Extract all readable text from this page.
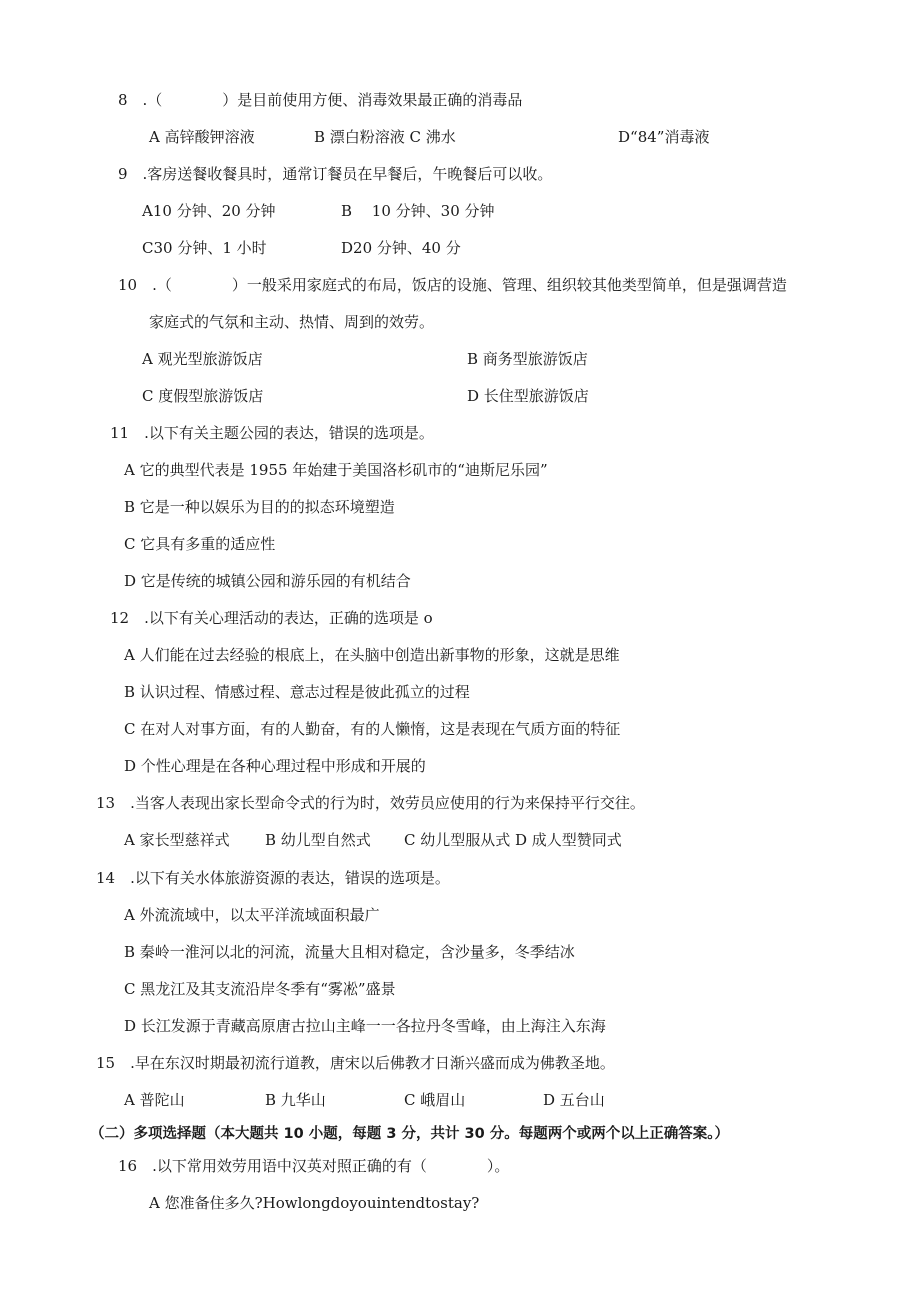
8　.（　　　　）是目前使用方便、消毒效果最正确的消毒品
A 高锌酸钾溶液	B 漂白粉溶液 C 沸水	D“84”消毒液
9　.客房送餐收餐具时，通常订餐员在早餐后，午晚餐后可以收。
A10 分钟、20 分钟	B　 10 分钟、30 分钟
C30 分钟、1 小时	D20 分钟、40 分
10　.（　　　　）一般采用家庭式的布局，饭店的设施、管理、组织较其他类型简单，但是强调营造
家庭式的气氛和主动、热情、周到的效劳。
A 观光型旅游饭店	B 商务型旅游饭店
C 度假型旅游饭店	D 长住型旅游饭店
11　.以下有关主题公园的表达，错误的选项是。
A 它的典型代表是 1955 年始建于美国洛杉矶市的“迪斯尼乐园”
B 它是一种以娱乐为目的的拟态环境塑造
C 它具有多重的适应性
D 它是传统的城镇公园和游乐园的有机结合
12　.以下有关心理活动的表达，正确的选项是 o
A 人们能在过去经验的根底上，在头脑中创造出新事物的形象，这就是思维
B 认识过程、情感过程、意志过程是彼此孤立的过程
C 在对人对事方面，有的人勤奋，有的人懒惰，这是表现在气质方面的特征
D 个性心理是在各种心理过程中形成和开展的
13　.当客人表现出家长型命令式的行为时，效劳员应使用的行为来保持平行交往。
A 家长型慈祥式 B 幼儿型自然式 C 幼儿型服从式 D 成人型赞同式
14　.以下有关水体旅游资源的表达，错误的选项是。
A 外流流域中，以太平洋流域面积最广
B 秦岭一淮河以北的河流，流量大且相对稳定，含沙量多，冬季结冰
C 黑龙江及其支流沿岸冬季有“雾凇”盛景
D 长江发源于青藏高原唐古拉山主峰一一各拉丹冬雪峰，由上海注入东海
15　.早在东汉时期最初流行道教，唐宋以后佛教才日渐兴盛而成为佛教圣地。
A 普陀山	B 九华山	C 峨眉山	D 五台山
（二）多项选择题（本大题共 10 小题，每题 3 分，共计 30 分。每题两个或两个以上正确答案。）
16　.以下常用效劳用语中汉英对照正确的有（　　　　）。
A 您准备住多久?Howlongdoyouintendtostay?
